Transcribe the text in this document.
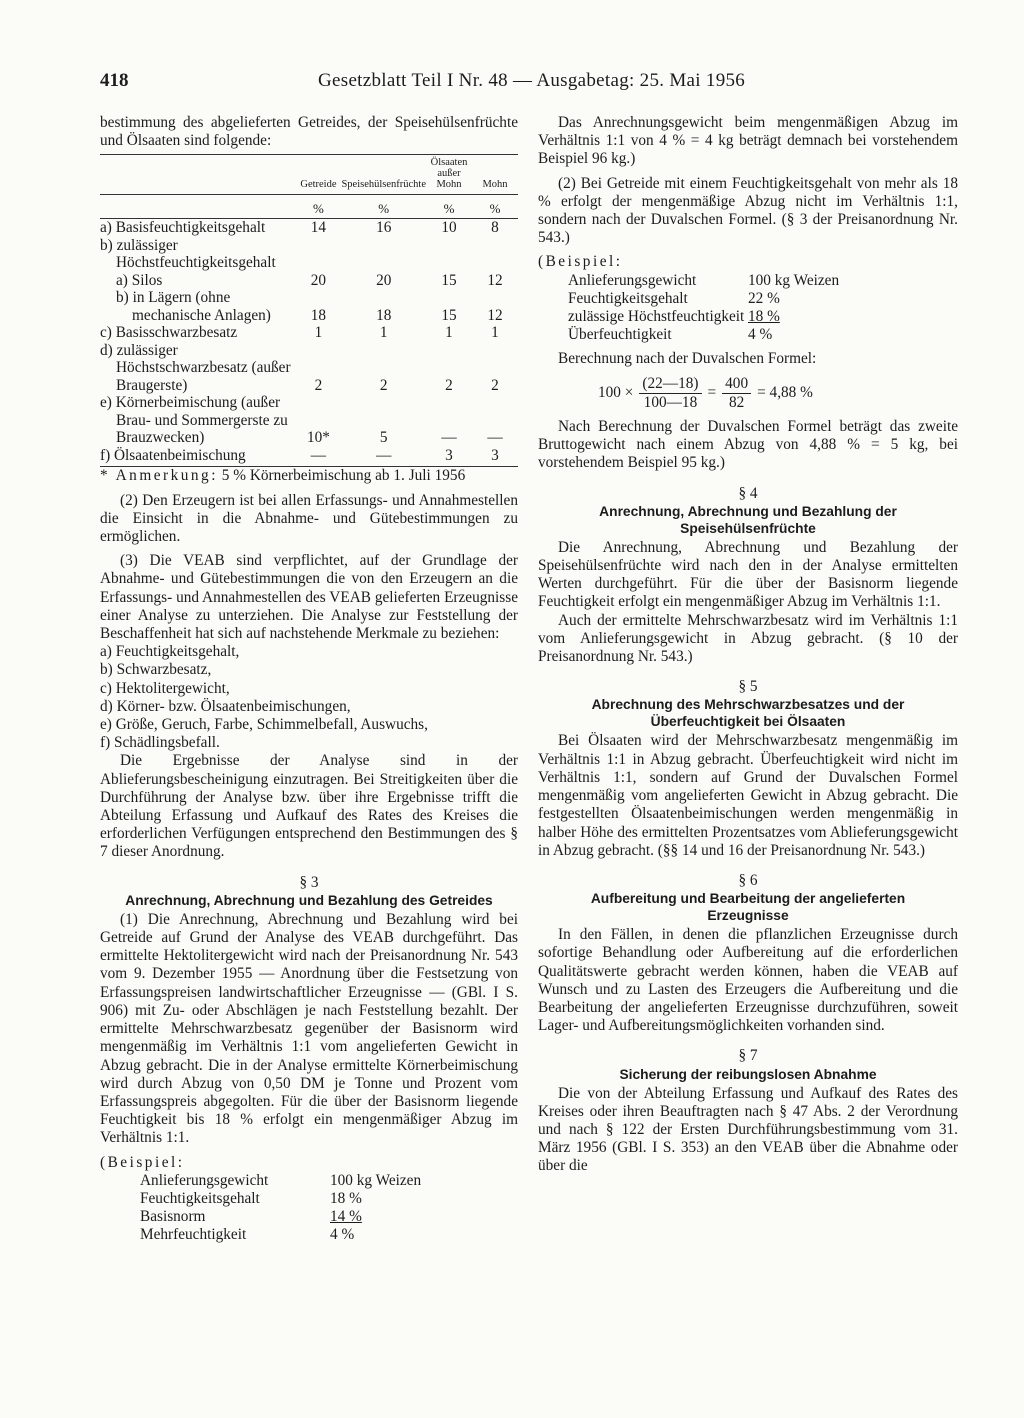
418	Gesetzblatt Teil I Nr. 48 — Ausgabetag: 25. Mai 1956

bestimmung des abgelieferten Getreides, der Speisehülsenfrüchte und Ölsaaten sind folgende:

	Getreide	Speisehülsenfrüchte	Ölsaaten außer Mohn	Mohn
	%	%	%	%
a) Basisfeuchtigkeitsgehalt	14	16	10	8
b) zulässiger Höchstfeuchtigkeitsgehalt				
a) Silos	20	20	15	12
b) in Lägern (ohne mechanische Anlagen)	18	18	15	12
c) Basisschwarzbesatz	1	1	1	1
d) zulässiger Höchstschwarzbesatz (außer Braugerste)	2	2	2	2
e) Körnerbeimischung (außer Brau- und Sommergerste zu Brauzwecken)	10*	5	—	—
f) Ölsaatenbeimischung	—	—	3	3

* Anmerkung: 5 % Körnerbeimischung ab 1. Juli 1956

(2) Den Erzeugern ist bei allen Erfassungs- und Annahmestellen die Einsicht in die Abnahme- und Gütebestimmungen zu ermöglichen.

(3) Die VEAB sind verpflichtet, auf der Grundlage der Abnahme- und Gütebestimmungen die von den Erzeugern an die Erfassungs- und Annahmestellen des VEAB gelieferten Erzeugnisse einer Analyse zu unterziehen. Die Analyse zur Feststellung der Beschaffenheit hat sich auf nachstehende Merkmale zu beziehen:

a) Feuchtigkeitsgehalt,
b) Schwarzbesatz,
c) Hektolitergewicht,
d) Körner- bzw. Ölsaatenbeimischungen,
e) Größe, Geruch, Farbe, Schimmelbefall, Auswuchs,
f) Schädlingsbefall.

Die Ergebnisse der Analyse sind in der Ablieferungsbescheinigung einzutragen. Bei Streitigkeiten über die Durchführung der Analyse bzw. über ihre Ergebnisse trifft die Abteilung Erfassung und Aufkauf des Rates des Kreises die erforderlichen Verfügungen entsprechend den Bestimmungen des § 7 dieser Anordnung.

§ 3
Anrechnung, Abrechnung und Bezahlung des Getreides

(1) Die Anrechnung, Abrechnung und Bezahlung wird bei Getreide auf Grund der Analyse des VEAB durchgeführt. Das ermittelte Hektolitergewicht wird nach der Preisanordnung Nr. 543 vom 9. Dezember 1955 — Anordnung über die Festsetzung von Erfassungspreisen landwirtschaftlicher Erzeugnisse — (GBl. I S. 906) mit Zu- oder Abschlägen je nach Feststellung bezahlt. Der ermittelte Mehrschwarzbesatz gegenüber der Basisnorm wird mengenmäßig im Verhältnis 1:1 vom angelieferten Gewicht in Abzug gebracht. Die in der Analyse ermittelte Körnerbeimischung wird durch Abzug von 0,50 DM je Tonne und Prozent vom Erfassungspreis abgegolten. Für die über der Basisnorm liegende Feuchtigkeit bis 18 % erfolgt ein mengenmäßiger Abzug im Verhältnis 1:1.

(Beispiel:
Anlieferungsgewicht	100 kg Weizen
Feuchtigkeitsgehalt	18 %
Basisnorm	14 %
Mehrfeuchtigkeit	4 %

Das Anrechnungsgewicht beim mengenmäßigen Abzug im Verhältnis 1:1 von 4 % = 4 kg beträgt demnach bei vorstehendem Beispiel 96 kg.)

(2) Bei Getreide mit einem Feuchtigkeitsgehalt von mehr als 18 % erfolgt der mengenmäßige Abzug nicht im Verhältnis 1:1, sondern nach der Duvalschen Formel. (§ 3 der Preisanordnung Nr. 543.)

(Beispiel:
Anlieferungsgewicht	100 kg Weizen
Feuchtigkeitsgehalt	22 %
zulässige Höchstfeuchtigkeit 18 %
Überfeuchtigkeit	4 %

Berechnung nach der Duvalschen Formel:

$100 \times \frac{(22—18)}{100—18} = \frac{400}{82} = 4,88$ %

Nach Berechnung der Duvalschen Formel beträgt das zweite Bruttogewicht nach einem Abzug von 4,88 % = 5 kg, bei vorstehendem Beispiel 95 kg.)

§ 4
Anrechnung, Abrechnung und Bezahlung der Speisehülsenfrüchte

Die Anrechnung, Abrechnung und Bezahlung der Speisehülsenfrüchte wird nach den in der Analyse ermittelten Werten durchgeführt. Für die über der Basisnorm liegende Feuchtigkeit erfolgt ein mengenmäßiger Abzug im Verhältnis 1:1.

Auch der ermittelte Mehrschwarzbesatz wird im Verhältnis 1:1 vom Anlieferungsgewicht in Abzug gebracht. (§ 10 der Preisanordnung Nr. 543.)

§ 5
Abrechnung des Mehrschwarzbesatzes und der Überfeuchtigkeit bei Ölsaaten

Bei Ölsaaten wird der Mehrschwarzbesatz mengenmäßig im Verhältnis 1:1 in Abzug gebracht. Überfeuchtigkeit wird nicht im Verhältnis 1:1, sondern auf Grund der Duvalschen Formel mengenmäßig vom angelieferten Gewicht in Abzug gebracht. Die festgestellten Ölsaatenbeimischungen werden mengenmäßig in halber Höhe des ermittelten Prozentsatzes vom Ablieferungsgewicht in Abzug gebracht. (§§ 14 und 16 der Preisanordnung Nr. 543.)

§ 6
Aufbereitung und Bearbeitung der angelieferten Erzeugnisse

In den Fällen, in denen die pflanzlichen Erzeugnisse durch sofortige Behandlung oder Aufbereitung auf die erforderlichen Qualitätswerte gebracht werden können, haben die VEAB auf Wunsch und zu Lasten des Erzeugers die Aufbereitung und die Bearbeitung der angelieferten Erzeugnisse durchzuführen, soweit Lager- und Aufbereitungsmöglichkeiten vorhanden sind.

§ 7
Sicherung der reibungslosen Abnahme

Die von der Abteilung Erfassung und Aufkauf des Rates des Kreises oder ihren Beauftragten nach § 47 Abs. 2 der Verordnung und nach § 122 der Ersten Durchführungsbestimmung vom 31. März 1956 (GBl. I S. 353) an den VEAB über die Abnahme oder über die
